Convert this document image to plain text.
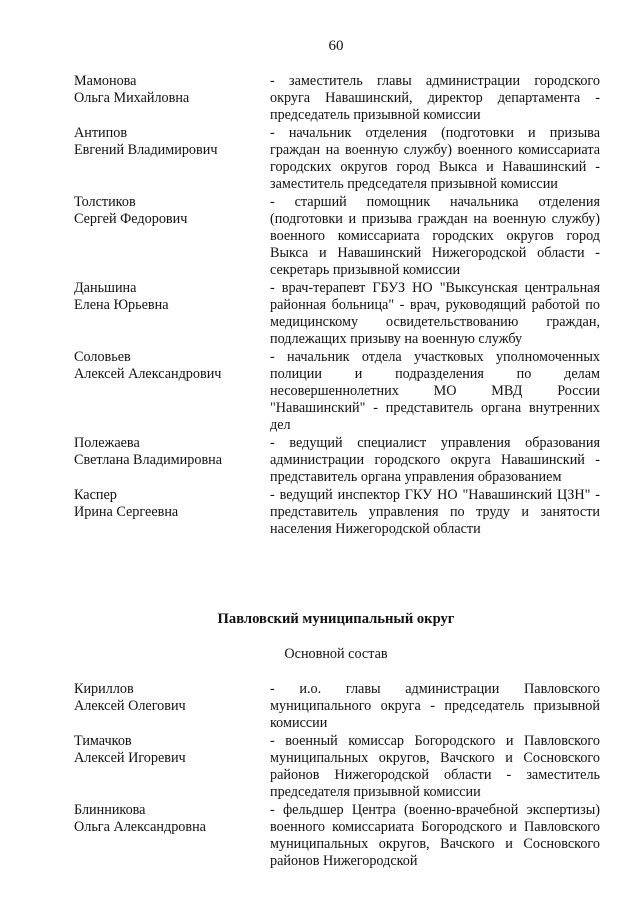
60
Мамонова
Ольга Михайловна
- заместитель главы администрации городского округа Навашинский, директор департамента - председатель призывной комиссии
Антипов
Евгений Владимирович
- начальник отделения (подготовки и призыва граждан на военную службу) военного комиссариата городских округов город Выкса и Навашинский - заместитель председателя призывной комиссии
Толстиков
Сергей Федорович
- старший помощник начальника отделения (подготовки и призыва граждан на военную службу) военного комиссариата городских округов город Выкса и Навашинский Нижегородской области - секретарь призывной комиссии
Даньшина
Елена Юрьевна
- врач-терапевт ГБУЗ НО "Выксунская центральная районная больница" - врач, руководящий работой по медицинскому освидетельствованию граждан, подлежащих призыву на военную службу
Соловьев
Алексей Александрович
- начальник отдела участковых уполномоченных полиции и подразделения по делам несовершеннолетних МО МВД России "Навашинский" - представитель органа внутренних дел
Полежаева
Светлана Владимировна
- ведущий специалист управления образования администрации городского округа Навашинский - представитель органа управления образованием
Каспер
Ирина Сергеевна
- ведущий инспектор ГКУ НО "Навашинский ЦЗН" - представитель управления по труду и занятости населения Нижегородской области
Павловский муниципальный округ
Основной состав
Кириллов
Алексей Олегович
- и.о. главы администрации Павловского муниципального округа - председатель призывной комиссии
Тимачков
Алексей Игоревич
- военный комиссар Богородского и Павловского муниципальных округов, Вачского и Сосновского районов Нижегородской области - заместитель председателя призывной комиссии
Блинникова
Ольга Александровна
- фельдшер Центра (военно-врачебной экспертизы) военного комиссариата Богородского и Павловского муниципальных округов, Вачского и Сосновского районов Нижегородской
